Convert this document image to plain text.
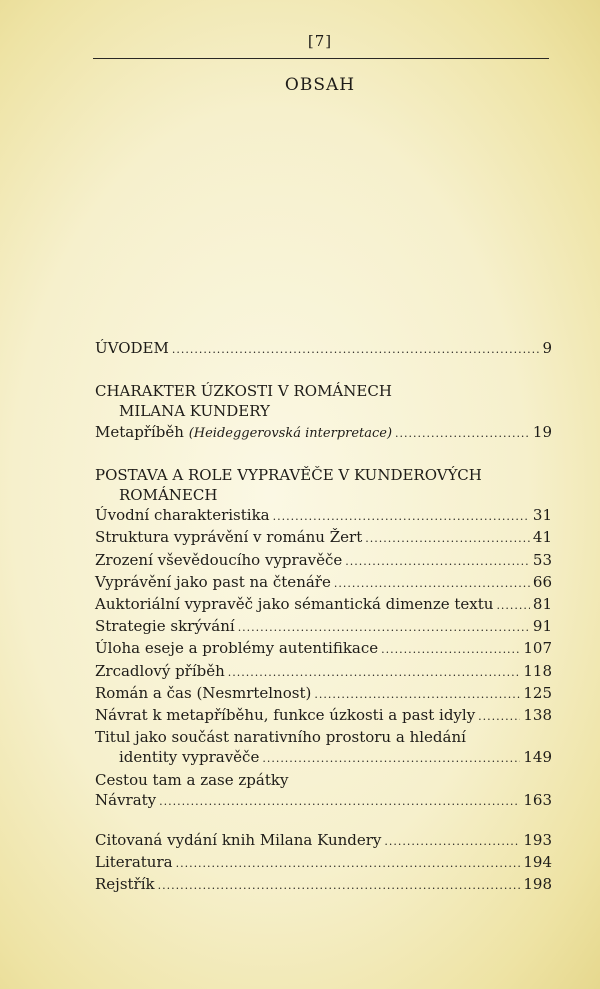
[7]
OBSAH
ÚVODEM .....	9
CHARAKTER ÚZKOSTI V ROMÁNECH
MILANA KUNDERY
Metapříběh (Heideggerovská interpretace) .....	19
POSTAVA A ROLE VYPRAVĚČE V KUNDEROVÝCH
ROMÁNECH
Úvodní charakteristika .....	31
Struktura vyprávění v románu Žert .....	41
Zrození vševědoucího vypravěče .....	53
Vyprávění jako past na čtenáře .....	66
Auktoriální vypravěč jako sémantická dimenze textu .....	81
Strategie skrývání .....	91
Úloha eseje a problémy autentifikace .....	107
Zrcadlový příběh .....	118
Román a čas (Nesmrtelnost) .....	125
Návrat k metapříběhu, funkce úzkosti a past idyly .....	138
Titul jako součást narativního prostoru a hledání
identity vypravěče .....	149
Cestou tam a zase zpátky
Návraty .....	163
Citovaná vydání knih Milana Kundery .....	193
Literatura .....	194
Rejstřík .....	198
